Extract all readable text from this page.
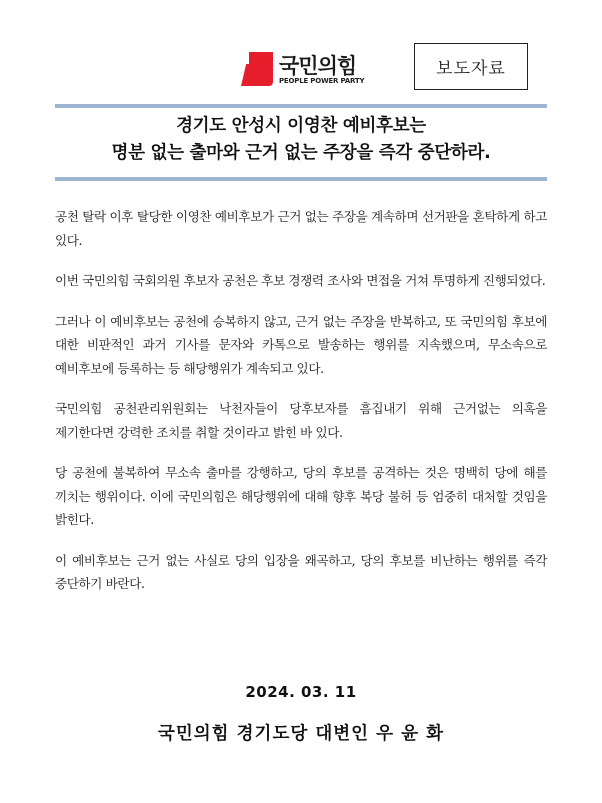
국민의힘
PEOPLE POWER PARTY
보도자료
경기도 안성시 이영찬 예비후보는
명분 없는 출마와 근거 없는 주장을 즉각 중단하라.

공천 탈락 이후 탈당한 이영찬 예비후보가 근거 없는 주장을 계속하며 선거판을 혼탁하게 하고 있다.

이번 국민의힘 국회의원 후보자 공천은 후보 경쟁력 조사와 면접을 거쳐 투명하게 진행되었다.

그러나 이 예비후보는 공천에 승복하지 않고, 근거 없는 주장을 반복하고, 또 국민의힘 후보에 대한 비판적인 과거 기사를 문자와 카톡으로 발송하는 행위를 지속했으며, 무소속으로 예비후보에 등록하는 등 해당행위가 계속되고 있다.

국민의힘 공천관리위원회는 낙천자들이 당후보자를 흠집내기 위해 근거없는 의혹을 제기한다면 강력한 조치를 취할 것이라고 밝힌 바 있다.

당 공천에 불복하여 무소속 출마를 강행하고, 당의 후보를 공격하는 것은 명백히 당에 해를 끼치는 행위이다. 이에 국민의힘은 해당행위에 대해 향후 복당 불허 등 엄중히 대처할 것임을 밝힌다.

이 예비후보는 근거 없는 사실로 당의 입장을 왜곡하고, 당의 후보를 비난하는 행위를 즉각 중단하기 바란다.

2024. 03. 11
국민의힘 경기도당 대변인 우 윤 화
